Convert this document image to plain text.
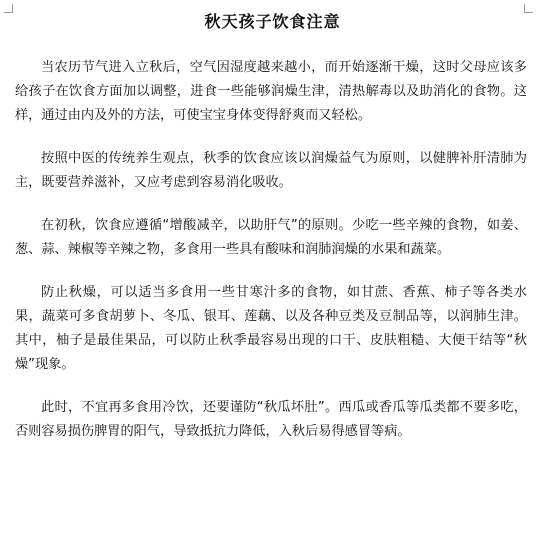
秋天孩子饮食注意

当农历节气进入立秋后，空气因湿度越来越小，而开始逐渐干燥，这时父母应该多给孩子在饮食方面加以调整，进食一些能够润燥生津，清热解毒以及助消化的食物。这样，通过由内及外的方法，可使宝宝身体变得舒爽而又轻松。

按照中医的传统养生观点，秋季的饮食应该以润燥益气为原则，以健脾补肝清肺为主，既要营养滋补，又应考虑到容易消化吸收。

在初秋，饮食应遵循“增酸减辛，以助肝气”的原则。少吃一些辛辣的食物，如姜、葱、蒜、辣椒等辛辣之物，多食用一些具有酸味和润肺润燥的水果和蔬菜。

防止秋燥，可以适当多食用一些甘寒汁多的食物，如甘蔗、香蕉、柿子等各类水果，蔬菜可多食胡萝卜、冬瓜、银耳、莲藕、以及各种豆类及豆制品等，以润肺生津。其中，柚子是最佳果品，可以防止秋季最容易出现的口干、皮肤粗糙、大便干结等“秋燥”现象。

此时，不宜再多食用冷饮，还要谨防“秋瓜坏肚”。西瓜或香瓜等瓜类都不要多吃，否则容易损伤脾胃的阳气，导致抵抗力降低，入秋后易得感冒等病。
